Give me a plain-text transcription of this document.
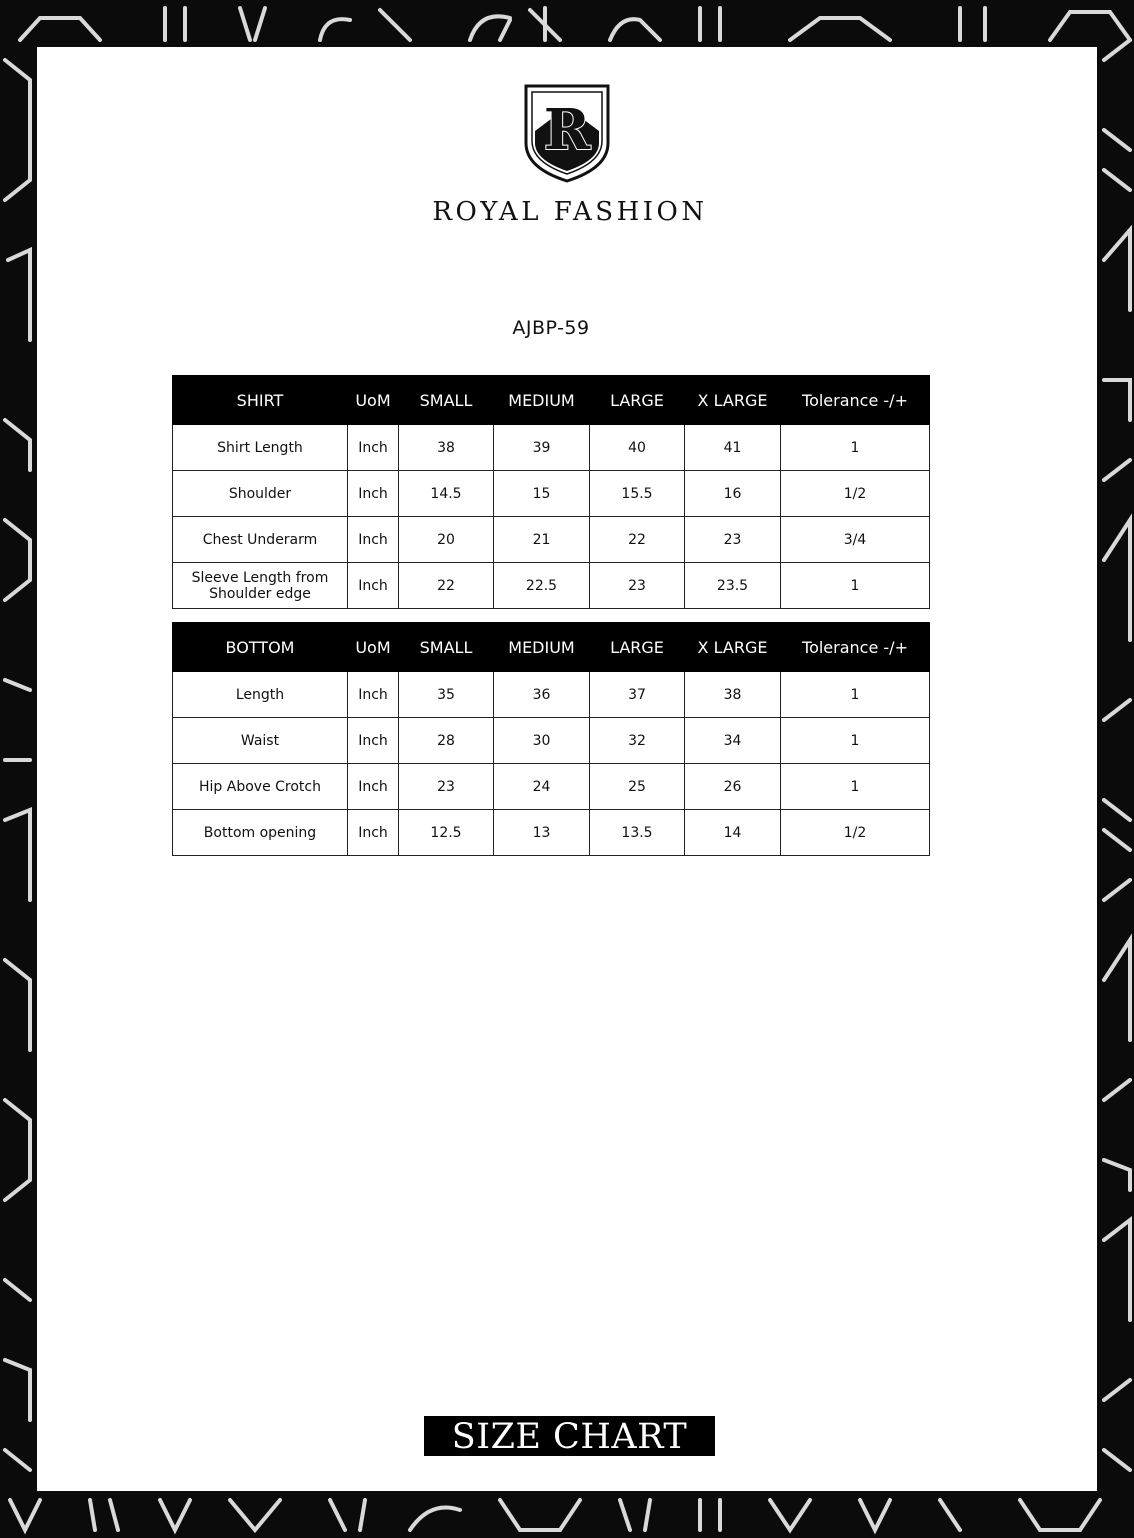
R
ROYAL FASHION
AJBP-59
SHIRT	UoM	SMALL	MEDIUM	LARGE	X LARGE	Tolerance -/+
Shirt Length	Inch	38	39	40	41	1
Shoulder	Inch	14.5	15	15.5	16	1/2
Chest Underarm	Inch	20	21	22	23	3/4
Sleeve Length from Shoulder edge	Inch	22	22.5	23	23.5	1
BOTTOM	UoM	SMALL	MEDIUM	LARGE	X LARGE	Tolerance -/+
Length	Inch	35	36	37	38	1
Waist	Inch	28	30	32	34	1
Hip Above Crotch	Inch	23	24	25	26	1
Bottom opening	Inch	12.5	13	13.5	14	1/2
SIZE CHART
